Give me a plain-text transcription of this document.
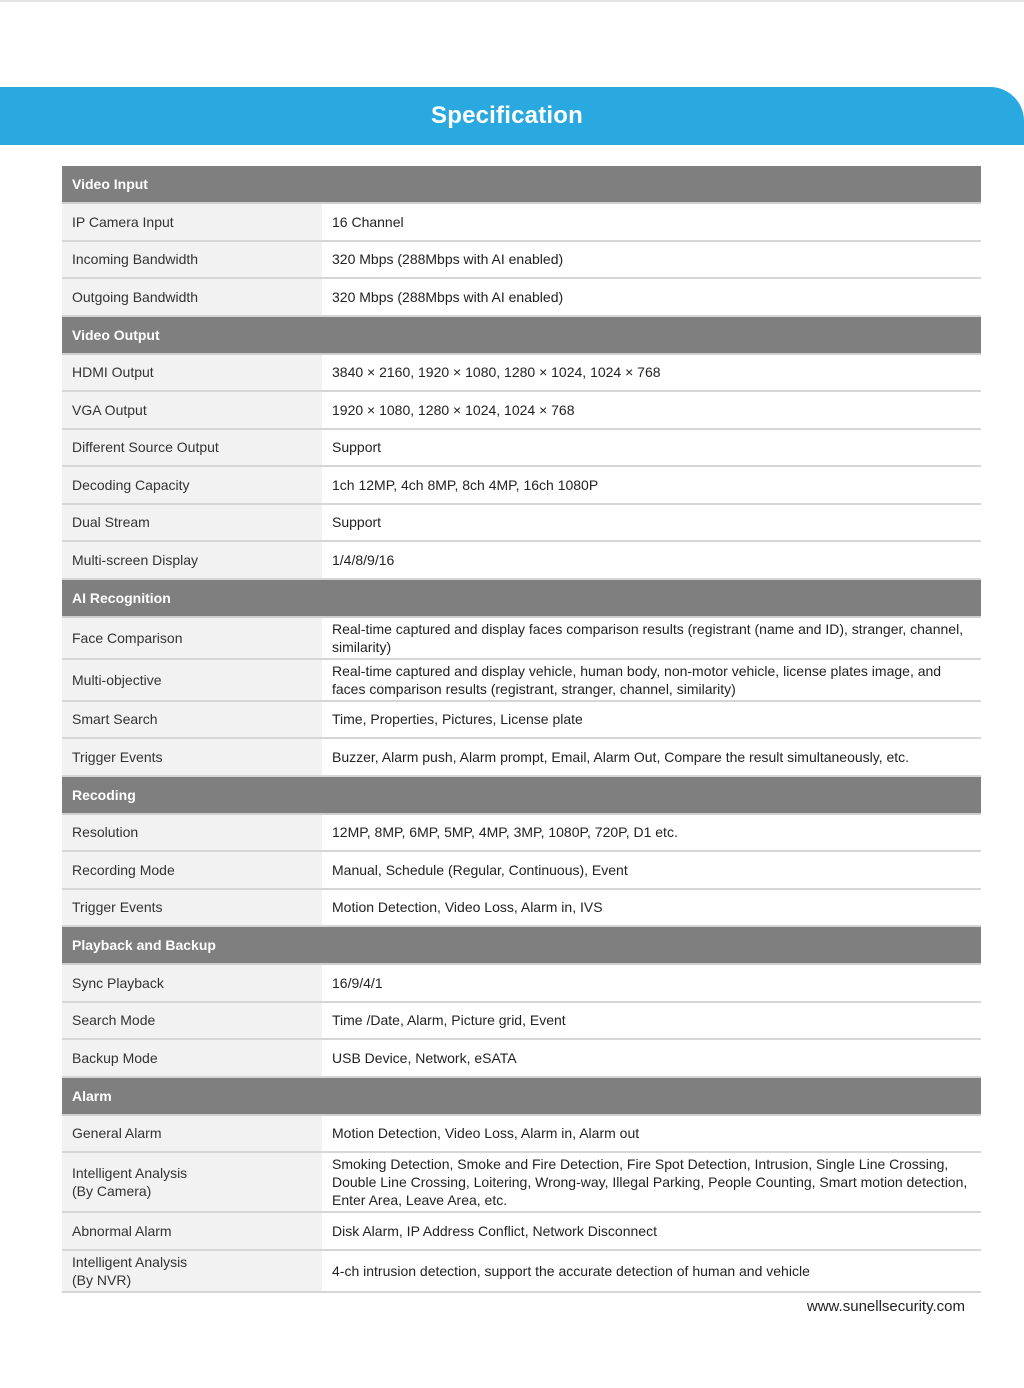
Specification
Video Input	

IP Camera Input	16 Channel

Incoming Bandwidth	320 Mbps (288Mbps with AI enabled)

Outgoing Bandwidth	320 Mbps (288Mbps with AI enabled)
Video Output	

HDMI Output	3840 × 2160, 1920 × 1080, 1280 × 1024, 1024 × 768

VGA Output	1920 × 1080, 1280 × 1024, 1024 × 768

Different Source Output	Support

Decoding Capacity	1ch 12MP, 4ch 8MP, 8ch 4MP, 16ch 1080P

Dual Stream	Support

Multi-screen Display	1/4/8/9/16
AI Recognition	

Face Comparison	Real-time captured and display faces comparison results (registrant (name and ID), stranger, channel, similarity)

Multi-objective	Real-time captured and display vehicle, human body, non-motor vehicle, license plates image, and faces comparison results (registrant, stranger, channel, similarity)

Smart Search	Time, Properties, Pictures, License plate

Trigger Events	Buzzer, Alarm push, Alarm prompt, Email, Alarm Out, Compare the result simultaneously, etc.
Recoding	

Resolution	12MP, 8MP, 6MP, 5MP, 4MP, 3MP, 1080P, 720P, D1 etc.

Recording Mode	Manual, Schedule (Regular, Continuous), Event

Trigger Events	Motion Detection, Video Loss, Alarm in, IVS
Playback and Backup	

Sync Playback	16/9/4/1

Search Mode	Time /Date, Alarm, Picture grid, Event

Backup Mode	USB Device, Network, eSATA
Alarm	

General Alarm	Motion Detection, Video Loss, Alarm in, Alarm out

Intelligent Analysis
(By Camera)	Smoking Detection, Smoke and Fire Detection, Fire Spot Detection, Intrusion, Single Line Crossing, Double Line Crossing, Loitering, Wrong-way, Illegal Parking, People Counting, Smart motion detection, Enter Area, Leave Area, etc.

Abnormal Alarm	Disk Alarm, IP Address Conflict, Network Disconnect

Intelligent Analysis
(By NVR)	4-ch intrusion detection, support the accurate detection of human and vehicle
www.sunellsecurity.com
